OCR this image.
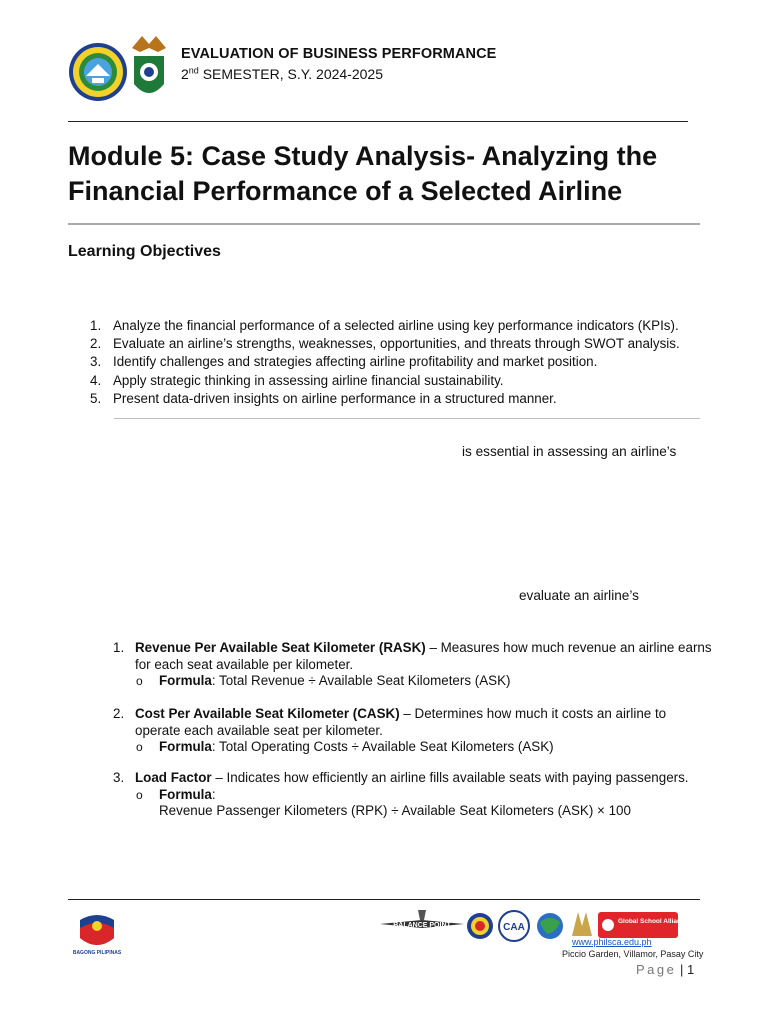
EVALUATION OF BUSINESS PERFORMANCE
2nd SEMESTER, S.Y. 2024-2025
Module 5: Case Study Analysis- Analyzing the Financial Performance of a Selected Airline
Learning Objectives
1. Analyze the financial performance of a selected airline using key performance indicators (KPIs).
2. Evaluate an airline’s strengths, weaknesses, opportunities, and threats through SWOT analysis.
3. Identify challenges and strategies affecting airline profitability and market position.
4. Apply strategic thinking in assessing airline financial sustainability.
5. Present data-driven insights on airline performance in a structured manner.
is essential in assessing an airline’s
evaluate an airline’s
1. Revenue Per Available Seat Kilometer (RASK) – Measures how much revenue an airline earns for each seat available per kilometer.
o Formula: Total Revenue ÷ Available Seat Kilometers (ASK)
2. Cost Per Available Seat Kilometer (CASK) – Determines how much it costs an airline to operate each available seat per kilometer.
o Formula: Total Operating Costs ÷ Available Seat Kilometers (ASK)
3. Load Factor – Indicates how efficiently an airline fills available seats with paying passengers.
o Formula:
Revenue Passenger Kilometers (RPK) ÷ Available Seat Kilometers (ASK) × 100
BAGONG PILIPINAS
BALANCE POINT	CAA
Global School Alliance
www.philsca.edu.ph
Piccio Garden, Villamor, Pasay City
Page | 1
